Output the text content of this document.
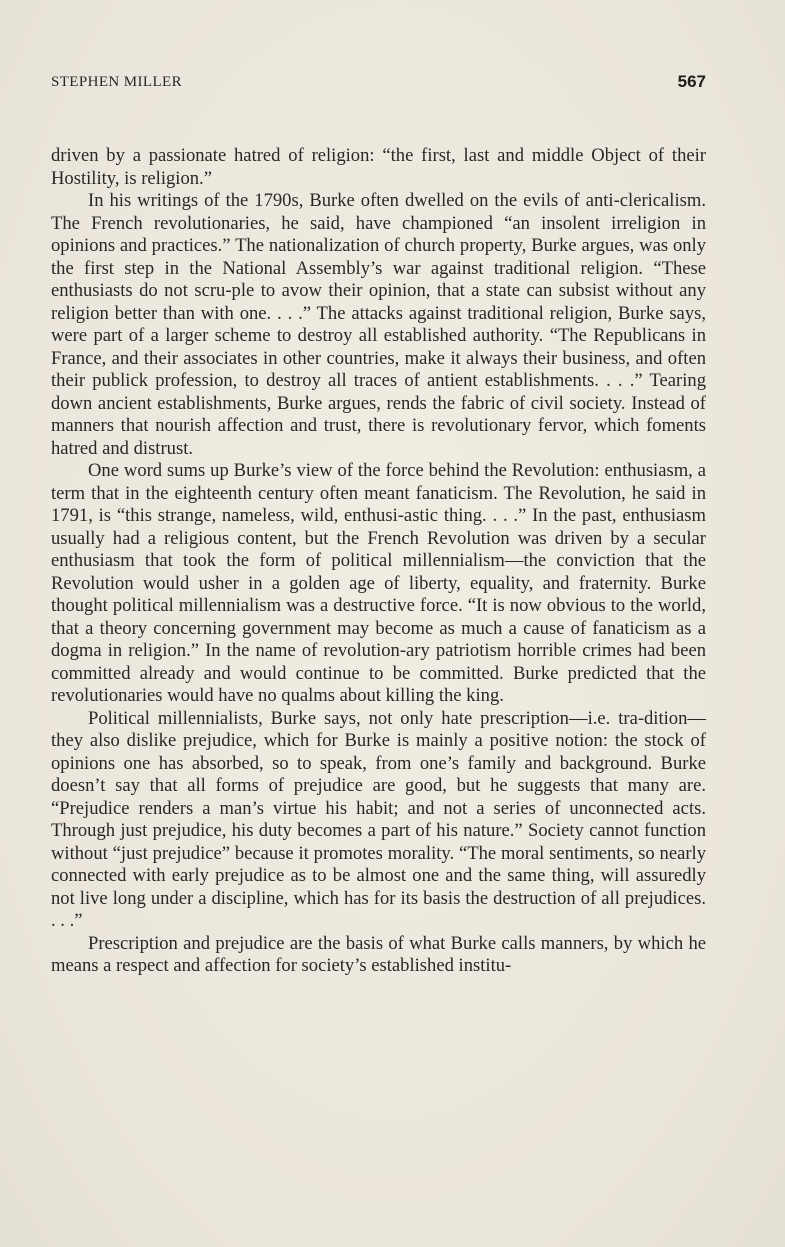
STEPHEN MILLER	567

driven by a passionate hatred of religion: “the first, last and middle Object of their Hostility, is religion.”

In his writings of the 1790s, Burke often dwelled on the evils of anti-clericalism. The French revolutionaries, he said, have championed “an insolent irreligion in opinions and practices.” The nationalization of church property, Burke argues, was only the first step in the National Assembly’s war against traditional religion. “These enthusiasts do not scru-ple to avow their opinion, that a state can subsist without any religion better than with one. . . .” The attacks against traditional religion, Burke says, were part of a larger scheme to destroy all established authority. “The Republicans in France, and their associates in other countries, make it always their business, and often their publick profession, to destroy all traces of antient establishments. . . .” Tearing down ancient establishments, Burke argues, rends the fabric of civil society. Instead of manners that nourish affection and trust, there is revolutionary fervor, which foments hatred and distrust.

One word sums up Burke’s view of the force behind the Revolution: enthusiasm, a term that in the eighteenth century often meant fanaticism. The Revolution, he said in 1791, is “this strange, nameless, wild, enthusi-astic thing. . . .” In the past, enthusiasm usually had a religious content, but the French Revolution was driven by a secular enthusiasm that took the form of political millennialism—the conviction that the Revolution would usher in a golden age of liberty, equality, and fraternity. Burke thought political millennialism was a destructive force. “It is now obvious to the world, that a theory concerning government may become as much a cause of fanaticism as a dogma in religion.” In the name of revolution-ary patriotism horrible crimes had been committed already and would continue to be committed. Burke predicted that the revolutionaries would have no qualms about killing the king.

Political millennialists, Burke says, not only hate prescription—i.e. tra-dition—they also dislike prejudice, which for Burke is mainly a positive notion: the stock of opinions one has absorbed, so to speak, from one’s family and background. Burke doesn’t say that all forms of prejudice are good, but he suggests that many are. “Prejudice renders a man’s virtue his habit; and not a series of unconnected acts. Through just prejudice, his duty becomes a part of his nature.” Society cannot function without “just prejudice” because it promotes morality. “The moral sentiments, so nearly connected with early prejudice as to be almost one and the same thing, will assuredly not live long under a discipline, which has for its basis the destruction of all prejudices. . . .”

Prescription and prejudice are the basis of what Burke calls manners, by which he means a respect and affection for society’s established institu-
